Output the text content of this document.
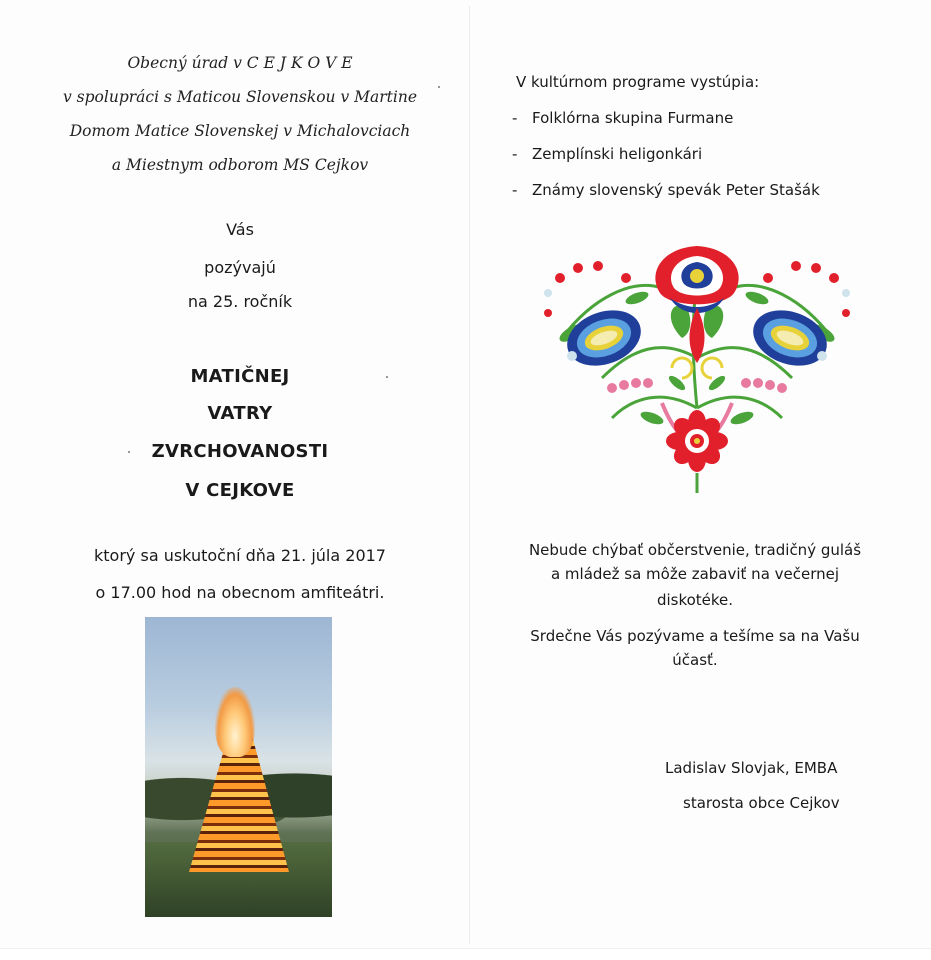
Obecný úrad v C E J K O V E
v spolupráci s Maticou Slovenskou v Martine
Domom Matice Slovenskej v Michalovciach
a Miestnym odborom MS Cejkov
Vás
pozývajú
na 25. ročník
MATIČNEJ
VATRY
ZVRCHOVANOSTI
V CEJKOVE
ktorý sa uskutoční dňa 21. júla 2017
o 17.00 hod na obecnom amfiteátri.
V kultúrnom programe vystúpia:
- Folklórna skupina Furmane
- Zemplínski heligonkári
- Známy slovenský spevák Peter Stašák
Nebude chýbať občerstvenie, tradičný guláš
a mládež sa môže zabaviť na večernej
diskotéke.
Srdečne Vás pozývame a tešíme sa na Vašu
účasť.
Ladislav Slovjak, EMBA
starosta obce Cejkov
